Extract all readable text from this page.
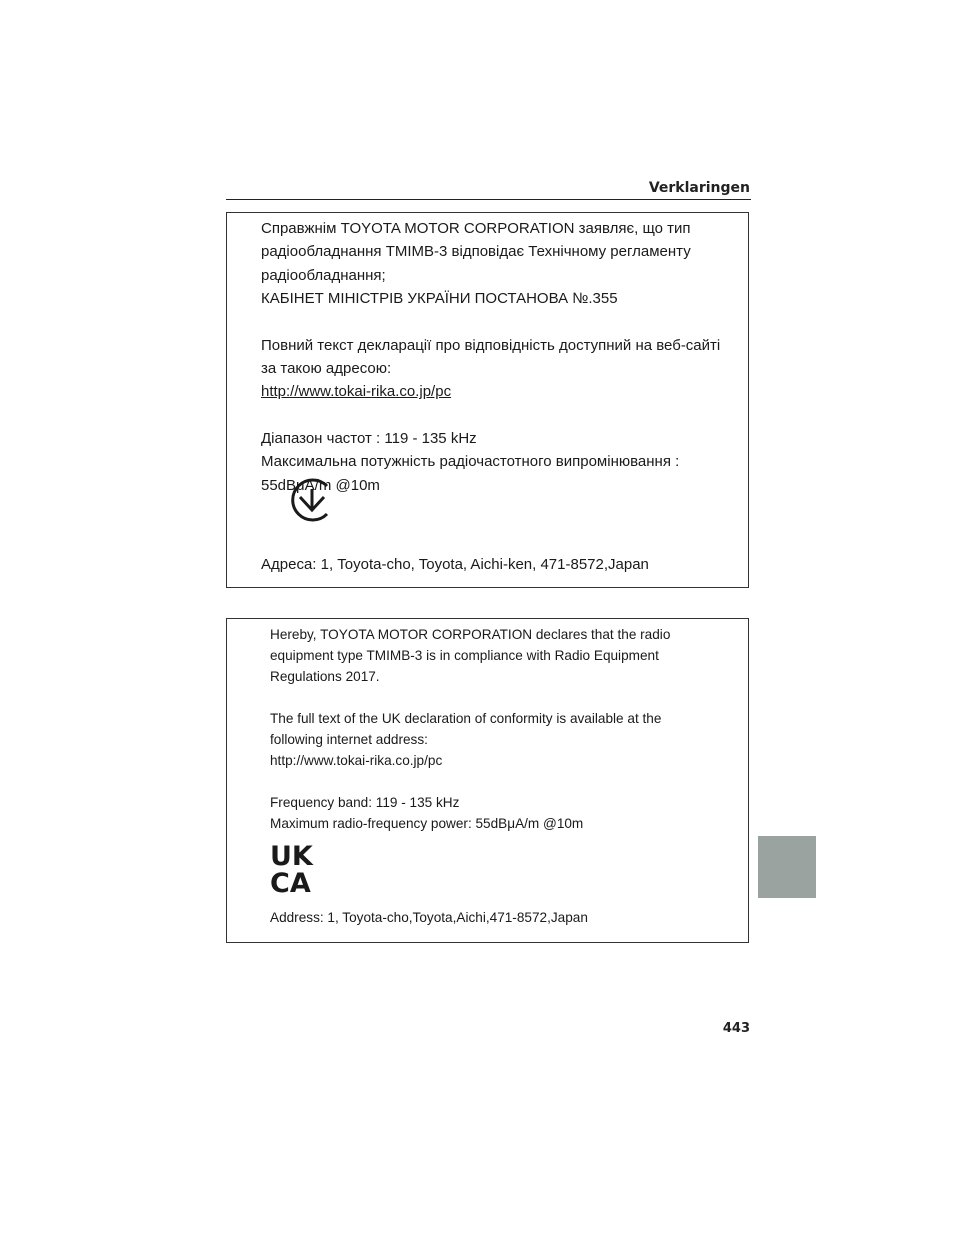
Verklaringen
Справжнім TOYOTA MOTOR CORPORATION заявляє, що тип
радіообладнання TMIMB-3 відповідає Технічному регламенту
радіообладнання;
КАБІНЕТ МІНІСТРІВ УКРАЇНИ ПОСТАНОВА №.355
Повний текст декларації про відповідність доступний на веб-сайті
за такою адресою:
http://www.tokai-rika.co.jp/pc
Діапазон частот : 119 - 135 kHz
Максимальна потужність радіочастотного випромінювання :
55dBμA/m @10m
Адреса: 1, Toyota-cho, Toyota, Aichi-ken, 471-8572,Japan
Hereby, TOYOTA MOTOR CORPORATION declares that the radio
equipment type TMIMB-3 is in compliance with Radio Equipment
Regulations 2017.
The full text of the UK declaration of conformity is available at the
following internet address:
http://www.tokai-rika.co.jp/pc
Frequency band: 119 - 135 kHz
Maximum radio-frequency power: 55dBμA/m @10m
UK
CA
Address: 1, Toyota-cho,Toyota,Aichi,471-8572,Japan
443
